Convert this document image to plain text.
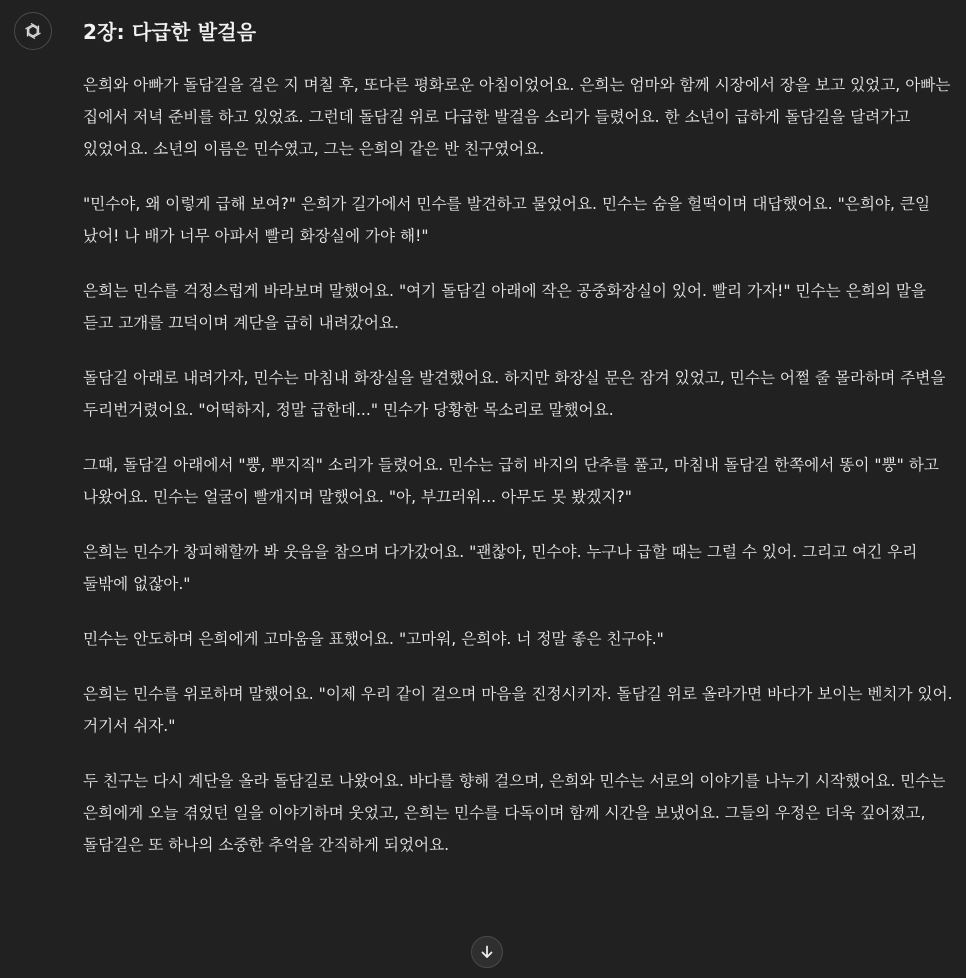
2장: 다급한 발걸음

은희와 아빠가 돌담길을 걸은 지 며칠 후, 또다른 평화로운 아침이었어요. 은희는 엄마와 함께 시장에서 장을 보고 있었고, 아빠는 집에서 저녁 준비를 하고 있었죠. 그런데 돌담길 위로 다급한 발걸음 소리가 들렸어요. 한 소년이 급하게 돌담길을 달려가고 있었어요. 소년의 이름은 민수였고, 그는 은희의 같은 반 친구였어요.

"민수야, 왜 이렇게 급해 보여?" 은희가 길가에서 민수를 발견하고 물었어요. 민수는 숨을 헐떡이며 대답했어요. "은희야, 큰일 났어! 나 배가 너무 아파서 빨리 화장실에 가야 해!"

은희는 민수를 걱정스럽게 바라보며 말했어요. "여기 돌담길 아래에 작은 공중화장실이 있어. 빨리 가자!" 민수는 은희의 말을 듣고 고개를 끄덕이며 계단을 급히 내려갔어요.

돌담길 아래로 내려가자, 민수는 마침내 화장실을 발견했어요. 하지만 화장실 문은 잠겨 있었고, 민수는 어쩔 줄 몰라하며 주변을 두리번거렸어요. "어떡하지, 정말 급한데..." 민수가 당황한 목소리로 말했어요.

그때, 돌담길 아래에서 "뿡, 뿌지직" 소리가 들렸어요. 민수는 급히 바지의 단추를 풀고, 마침내 돌담길 한쪽에서 똥이 "뿡" 하고 나왔어요. 민수는 얼굴이 빨개지며 말했어요. "아, 부끄러워... 아무도 못 봤겠지?"

은희는 민수가 창피해할까 봐 웃음을 참으며 다가갔어요. "괜찮아, 민수야. 누구나 급할 때는 그럴 수 있어. 그리고 여긴 우리 둘밖에 없잖아."

민수는 안도하며 은희에게 고마움을 표했어요. "고마워, 은희야. 너 정말 좋은 친구야."

은희는 민수를 위로하며 말했어요. "이제 우리 같이 걸으며 마음을 진정시키자. 돌담길 위로 올라가면 바다가 보이는 벤치가 있어. 거기서 쉬자."

두 친구는 다시 계단을 올라 돌담길로 나왔어요. 바다를 향해 걸으며, 은희와 민수는 서로의 이야기를 나누기 시작했어요. 민수는 은희에게 오늘 겪었던 일을 이야기하며 웃었고, 은희는 민수를 다독이며 함께 시간을 보냈어요. 그들의 우정은 더욱 깊어졌고, 돌담길은 또 하나의 소중한 추억을 간직하게 되었어요.
